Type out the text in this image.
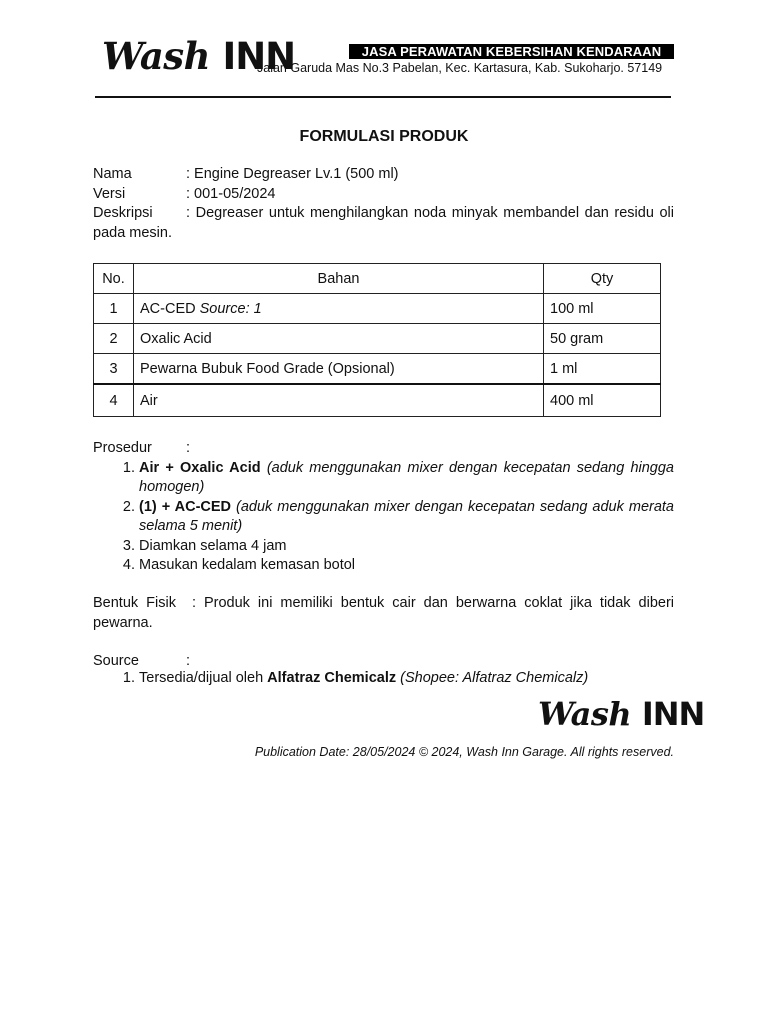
Wash INN	JASA PERAWATAN KEBERSIHAN KENDARAAN
Jalan Garuda Mas No.3 Pabelan, Kec. Kartasura, Kab. Sukoharjo. 57149
FORMULASI PRODUK
Nama	: Engine Degreaser Lv.1 (500 ml)
Versi	: 001-05/2024
Deskripsi : Degreaser untuk menghilangkan noda minyak membandel dan residu oli pada mesin.
No.	Bahan	Qty
1	AC-CED Source: 1	100 ml
2	Oxalic Acid	50 gram
3	Pewarna Bubuk Food Grade (Opsional)	1 ml
4	Air	400 ml
Prosedur :
1. Air + Oxalic Acid (aduk menggunakan mixer dengan kecepatan sedang hingga homogen)
2. (1) + AC-CED (aduk menggunakan mixer dengan kecepatan sedang aduk merata selama 5 menit)
3. Diamkan selama 4 jam
4. Masukan kedalam kemasan botol
Bentuk Fisik : Produk ini memiliki bentuk cair dan berwarna coklat jika tidak diberi pewarna.
Source	:
1. Tersedia/dijual oleh Alfatraz Chemicalz (Shopee: Alfatraz Chemicalz)
Wash INN
Publication Date: 28/05/2024 © 2024, Wash Inn Garage. All rights reserved.
